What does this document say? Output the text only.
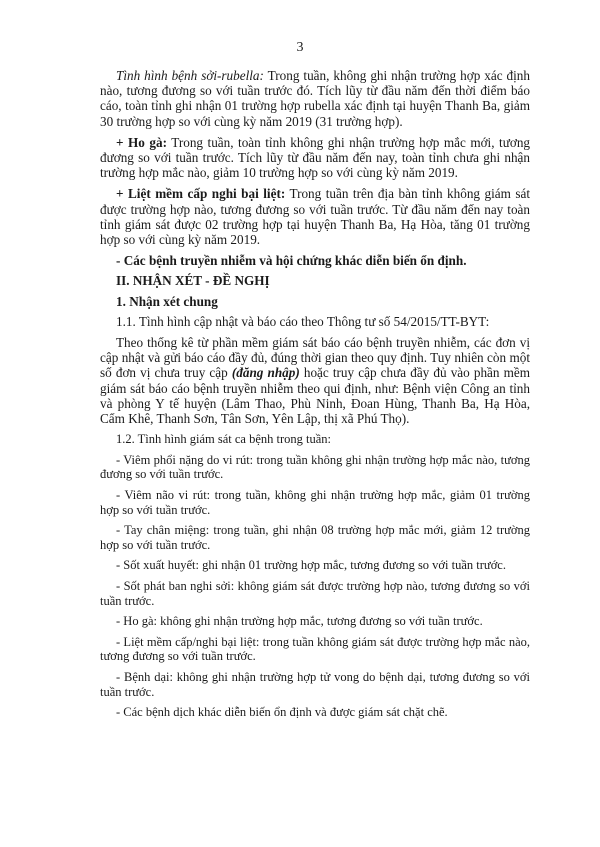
3

Tình hình bệnh sởi-rubella: Trong tuần, không ghi nhận trường hợp xác định nào, tương đương so với tuần trước đó. Tích lũy từ đầu năm đến thời điểm báo cáo, toàn tỉnh ghi nhận 01 trường hợp rubella xác định tại huyện Thanh Ba, giảm 30 trường hợp so với cùng kỳ năm 2019 (31 trường hợp).

+ Ho gà: Trong tuần, toàn tỉnh không ghi nhận trường hợp mắc mới, tương đương so với tuần trước. Tích lũy từ đầu năm đến nay, toàn tỉnh chưa ghi nhận trường hợp mắc nào, giảm 10 trường hợp so với cùng kỳ năm 2019.

+ Liệt mềm cấp nghi bại liệt: Trong tuần trên địa bàn tỉnh không giám sát được trường hợp nào, tương đương so với tuần trước. Từ đầu năm đến nay toàn tỉnh giám sát được 02 trường hợp tại huyện Thanh Ba, Hạ Hòa, tăng 01 trường hợp so với cùng kỳ năm 2019.

- Các bệnh truyền nhiễm và hội chứng khác diễn biến ổn định.

II. NHẬN XÉT - ĐỀ NGHỊ

1. Nhận xét chung

1.1. Tình hình cập nhật và báo cáo theo Thông tư số 54/2015/TT-BYT:

Theo thống kê từ phần mềm giám sát báo cáo bệnh truyền nhiễm, các đơn vị cập nhật và gửi báo cáo đầy đủ, đúng thời gian theo quy định. Tuy nhiên còn một số đơn vị chưa truy cập (đăng nhập) hoặc truy cập chưa đầy đủ vào phần mềm giám sát báo cáo bệnh truyền nhiễm theo qui định, như: Bệnh viện Công an tỉnh và phòng Y tế huyện (Lâm Thao, Phù Ninh, Đoan Hùng, Thanh Ba, Hạ Hòa, Cẩm Khê, Thanh Sơn, Tân Sơn, Yên Lập, thị xã Phú Thọ).

1.2. Tình hình giám sát ca bệnh trong tuần:

- Viêm phổi nặng do vi rút: trong tuần không ghi nhận trường hợp mắc nào, tương đương so với tuần trước.

- Viêm não vi rút: trong tuần, không ghi nhận trường hợp mắc, giảm 01 trường hợp so với tuần trước.

- Tay chân miệng: trong tuần, ghi nhận 08 trường hợp mắc mới, giảm 12 trường hợp so với tuần trước.

- Sốt xuất huyết: ghi nhận 01 trường hợp mắc, tương đương so với tuần trước.

- Sốt phát ban nghi sởi: không giám sát được trường hợp nào, tương đương so với tuần trước.

- Ho gà: không ghi nhận trường hợp mắc, tương đương so với tuần trước.

- Liệt mềm cấp/nghi bại liệt: trong tuần không giám sát được trường hợp mắc nào, tương đương so với tuần trước.

- Bệnh dại: không ghi nhận trường hợp tử vong do bệnh dại, tương đương so với tuần trước.

- Các bệnh dịch khác diễn biến ổn định và được giám sát chặt chẽ.
